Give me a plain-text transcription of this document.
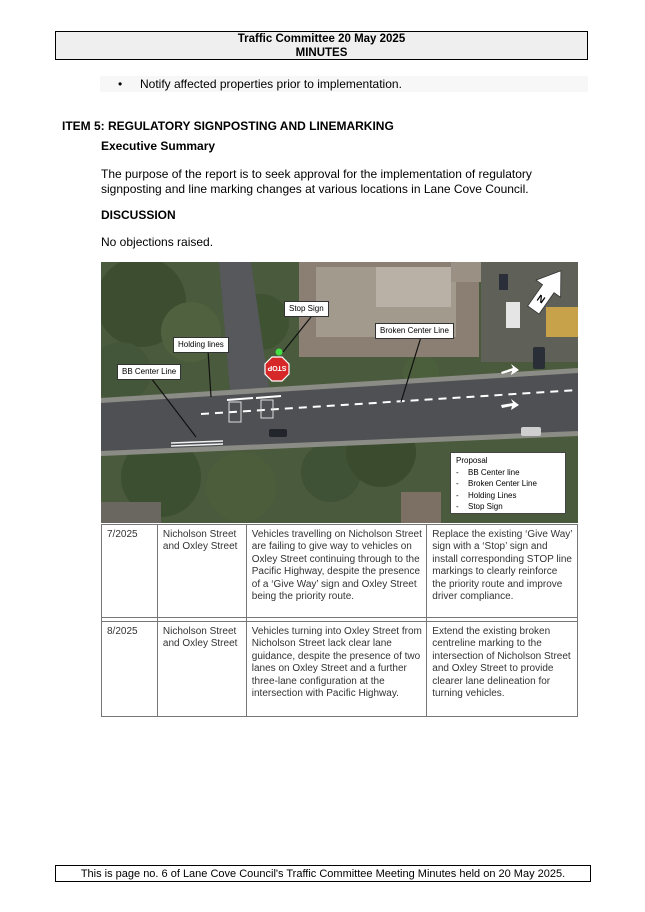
Traffic Committee 20 May 2025
MINUTES
• Notify affected properties prior to implementation.
ITEM 5: REGULATORY SIGNPOSTING AND LINEMARKING
Executive Summary
The purpose of the report is to seek approval for the implementation of regulatory signposting and line marking changes at various locations in Lane Cove Council.
DISCUSSION
No objections raised.
STOP
N
Stop Sign
Broken Center Line
Holding lines
BB Center Line
Proposal
- BB Center line
- Broken Center Line
- Holding Lines
- Stop Sign
7/2025	Nicholson Street and Oxley Street	Vehicles travelling on Nicholson Street are failing to give way to vehicles on Oxley Street continuing through to the Pacific Highway, despite the presence of a ‘Give Way’ sign and Oxley Street being the priority route.	Replace the existing ‘Give Way’ sign with a ‘Stop’ sign and install corresponding STOP line markings to clearly reinforce the priority route and improve driver compliance.

8/2025	Nicholson Street and Oxley Street	Vehicles turning into Oxley Street from Nicholson Street lack clear lane guidance, despite the presence of two lanes on Oxley Street and a further three-lane configuration at the intersection with Pacific Highway.	Extend the existing broken centreline marking to the intersection of Nicholson Street and Oxley Street to provide clearer lane delineation for turning vehicles.
This is page no. 6 of Lane Cove Council's Traffic Committee Meeting Minutes held on 20 May 2025.
